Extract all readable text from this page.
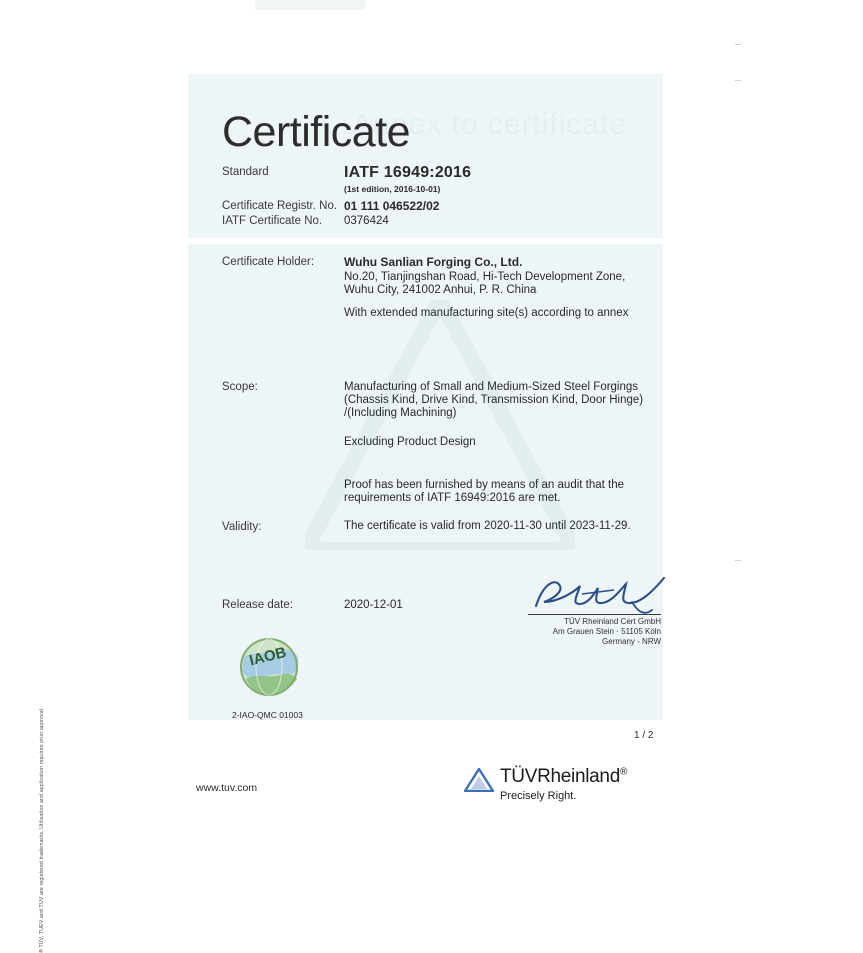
Annex to certificate
Certificate
Standard	IATF 16949:2016
(1st edition, 2016-10-01)
Certificate Registr. No. 01 111 046522/02
IATF Certificate No. 0376424
Certificate Holder: Wuhu Sanlian Forging Co., Ltd.
No.20, Tianjingshan Road, Hi-Tech Development Zone,
Wuhu City, 241002 Anhui, P. R. China
With extended manufacturing site(s) according to annex
Scope:	Manufacturing of Small and Medium-Sized Steel Forgings
(Chassis Kind, Drive Kind, Transmission Kind, Door Hinge)
/(Including Machining)
Excluding Product Design
Proof has been furnished by means of an audit that the
requirements of IATF 16949:2016 are met.
Validity:	The certificate is valid from 2020-11-30 until 2023-11-29.
Release date:	2020-12-01
TÜV Rheinland Cert GmbH
Am Grauen Stein · 51105 Köln
Germany - NRW
IAOB
2-IAO-QMC 01003
1 / 2
www.tuv.com
TÜVRheinland®
Precisely Right.
® TÜV, TUEV and TUV are registered trademarks. Utilisation and application requires prior approval.
